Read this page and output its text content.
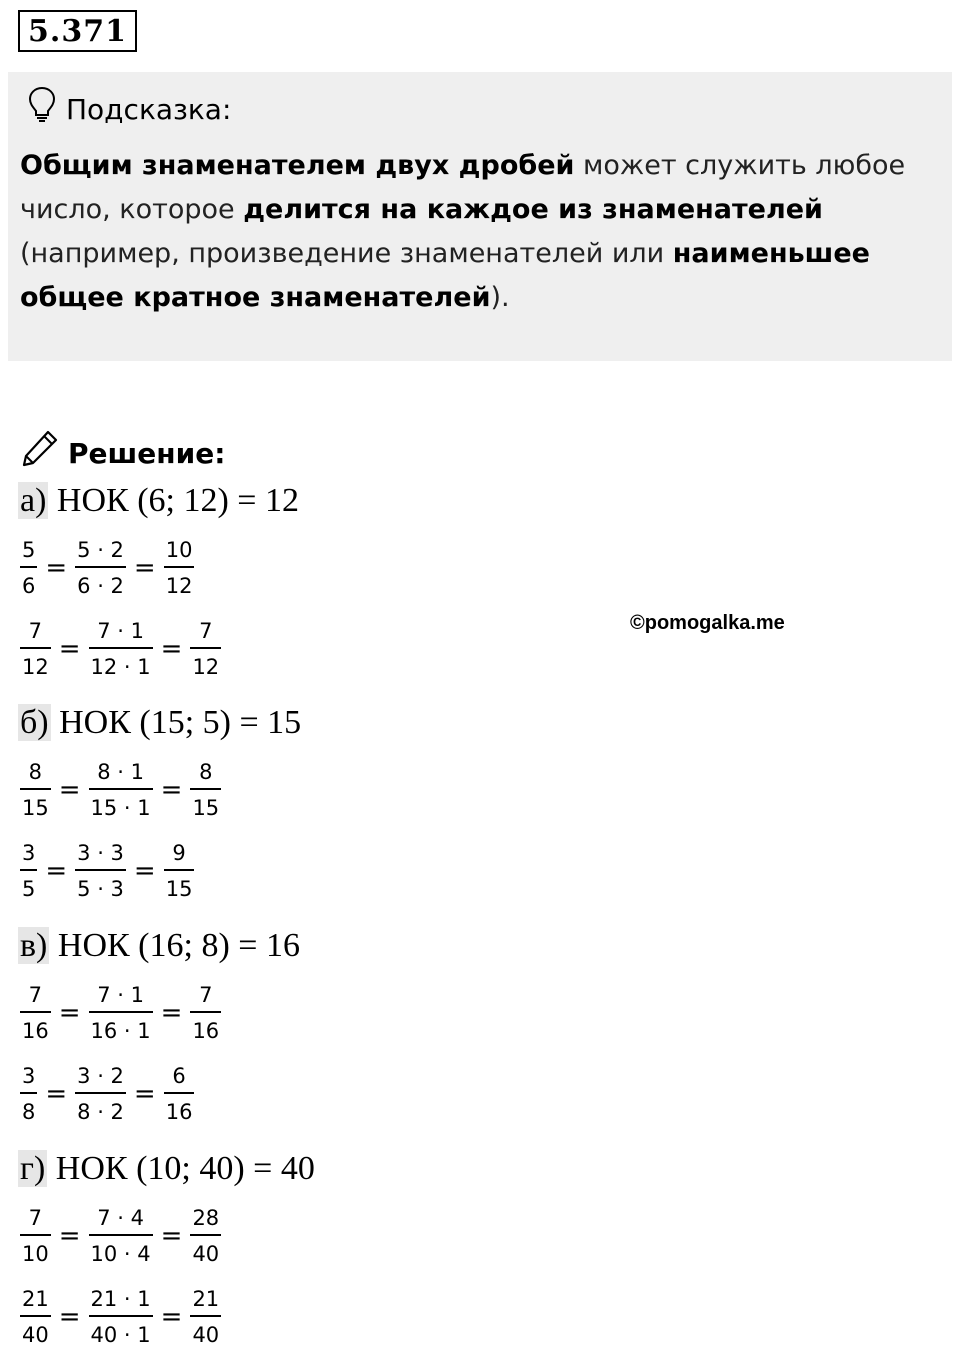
5.371
Подсказка:
Общим знаменателем двух дробей может служить любое число, которое делится на каждое из знаменателей (например, произведение знаменателей или наименьшее общее кратное знаменателей).
Решение:
©pomogalka.me
а) НОК (6; 12) = 12
$\frac{5}{6} = \frac{5 \cdot 2}{6 \cdot 2} = \frac{10}{12}$
$\frac{7}{12} = \frac{7 \cdot 1}{12 \cdot 1} = \frac{7}{12}$
б) НОК (15; 5) = 15
$\frac{8}{15} = \frac{8 \cdot 1}{15 \cdot 1} = \frac{8}{15}$
$\frac{3}{5} = \frac{3 \cdot 3}{5 \cdot 3} = \frac{9}{15}$
в) НОК (16; 8) = 16
$\frac{7}{16} = \frac{7 \cdot 1}{16 \cdot 1} = \frac{7}{16}$
$\frac{3}{8} = \frac{3 \cdot 2}{8 \cdot 2} = \frac{6}{16}$
г) НОК (10; 40) = 40
$\frac{7}{10} = \frac{7 \cdot 4}{10 \cdot 4} = \frac{28}{40}$
$\frac{21}{40} = \frac{21 \cdot 1}{40 \cdot 1} = \frac{21}{40}$
